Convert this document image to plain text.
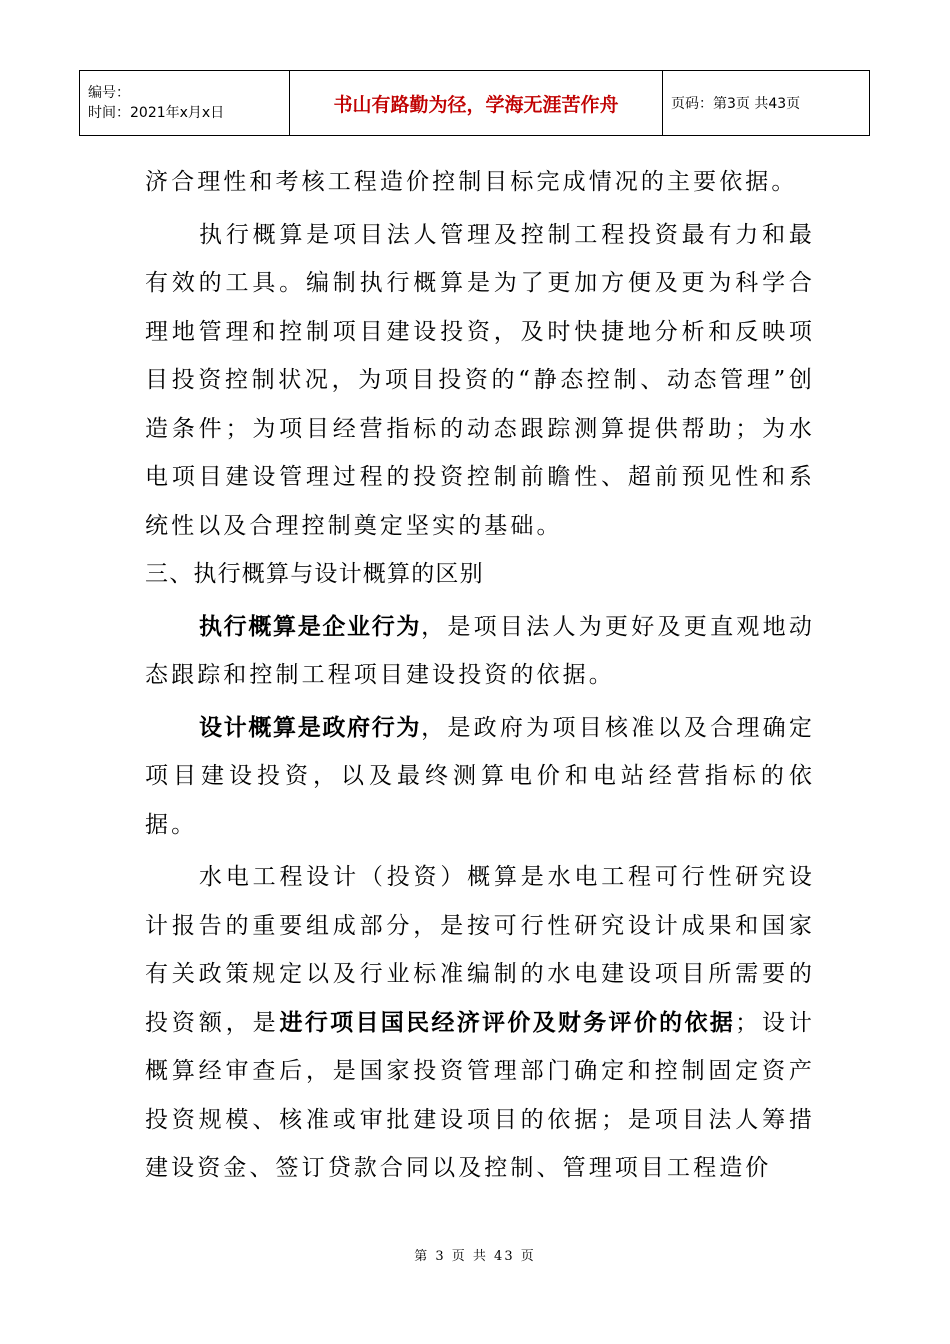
编号：
时间：2021年x月x日	书山有路勤为径，学海无涯苦作舟	页码：第3页 共43页

济合理性和考核工程造价控制目标完成情况的主要依据。

执行概算是项目法人管理及控制工程投资最有力和最有效的工具。编制执行概算是为了更加方便及更为科学合理地管理和控制项目建设投资，及时快捷地分析和反映项目投资控制状况，为项目投资的“静态控制、动态管理”创造条件；为项目经营指标的动态跟踪测算提供帮助；为水电项目建设管理过程的投资控制前瞻性、超前预见性和系统性以及合理控制奠定坚实的基础。

三、执行概算与设计概算的区别

执行概算是企业行为，是项目法人为更好及更直观地动态跟踪和控制工程项目建设投资的依据。

设计概算是政府行为，是政府为项目核准以及合理确定项目建设投资，以及最终测算电价和电站经营指标的依据。

水电工程设计（投资）概算是水电工程可行性研究设计报告的重要组成部分，是按可行性研究设计成果和国家有关政策规定以及行业标准编制的水电建设项目所需要的投资额，是进行项目国民经济评价及财务评价的依据；设计概算经审查后，是国家投资管理部门确定和控制固定资产投资规模、核准或审批建设项目的依据；是项目法人筹措建设资金、签订贷款合同以及控制、管理项目工程造价

第 3 页 共 43 页
